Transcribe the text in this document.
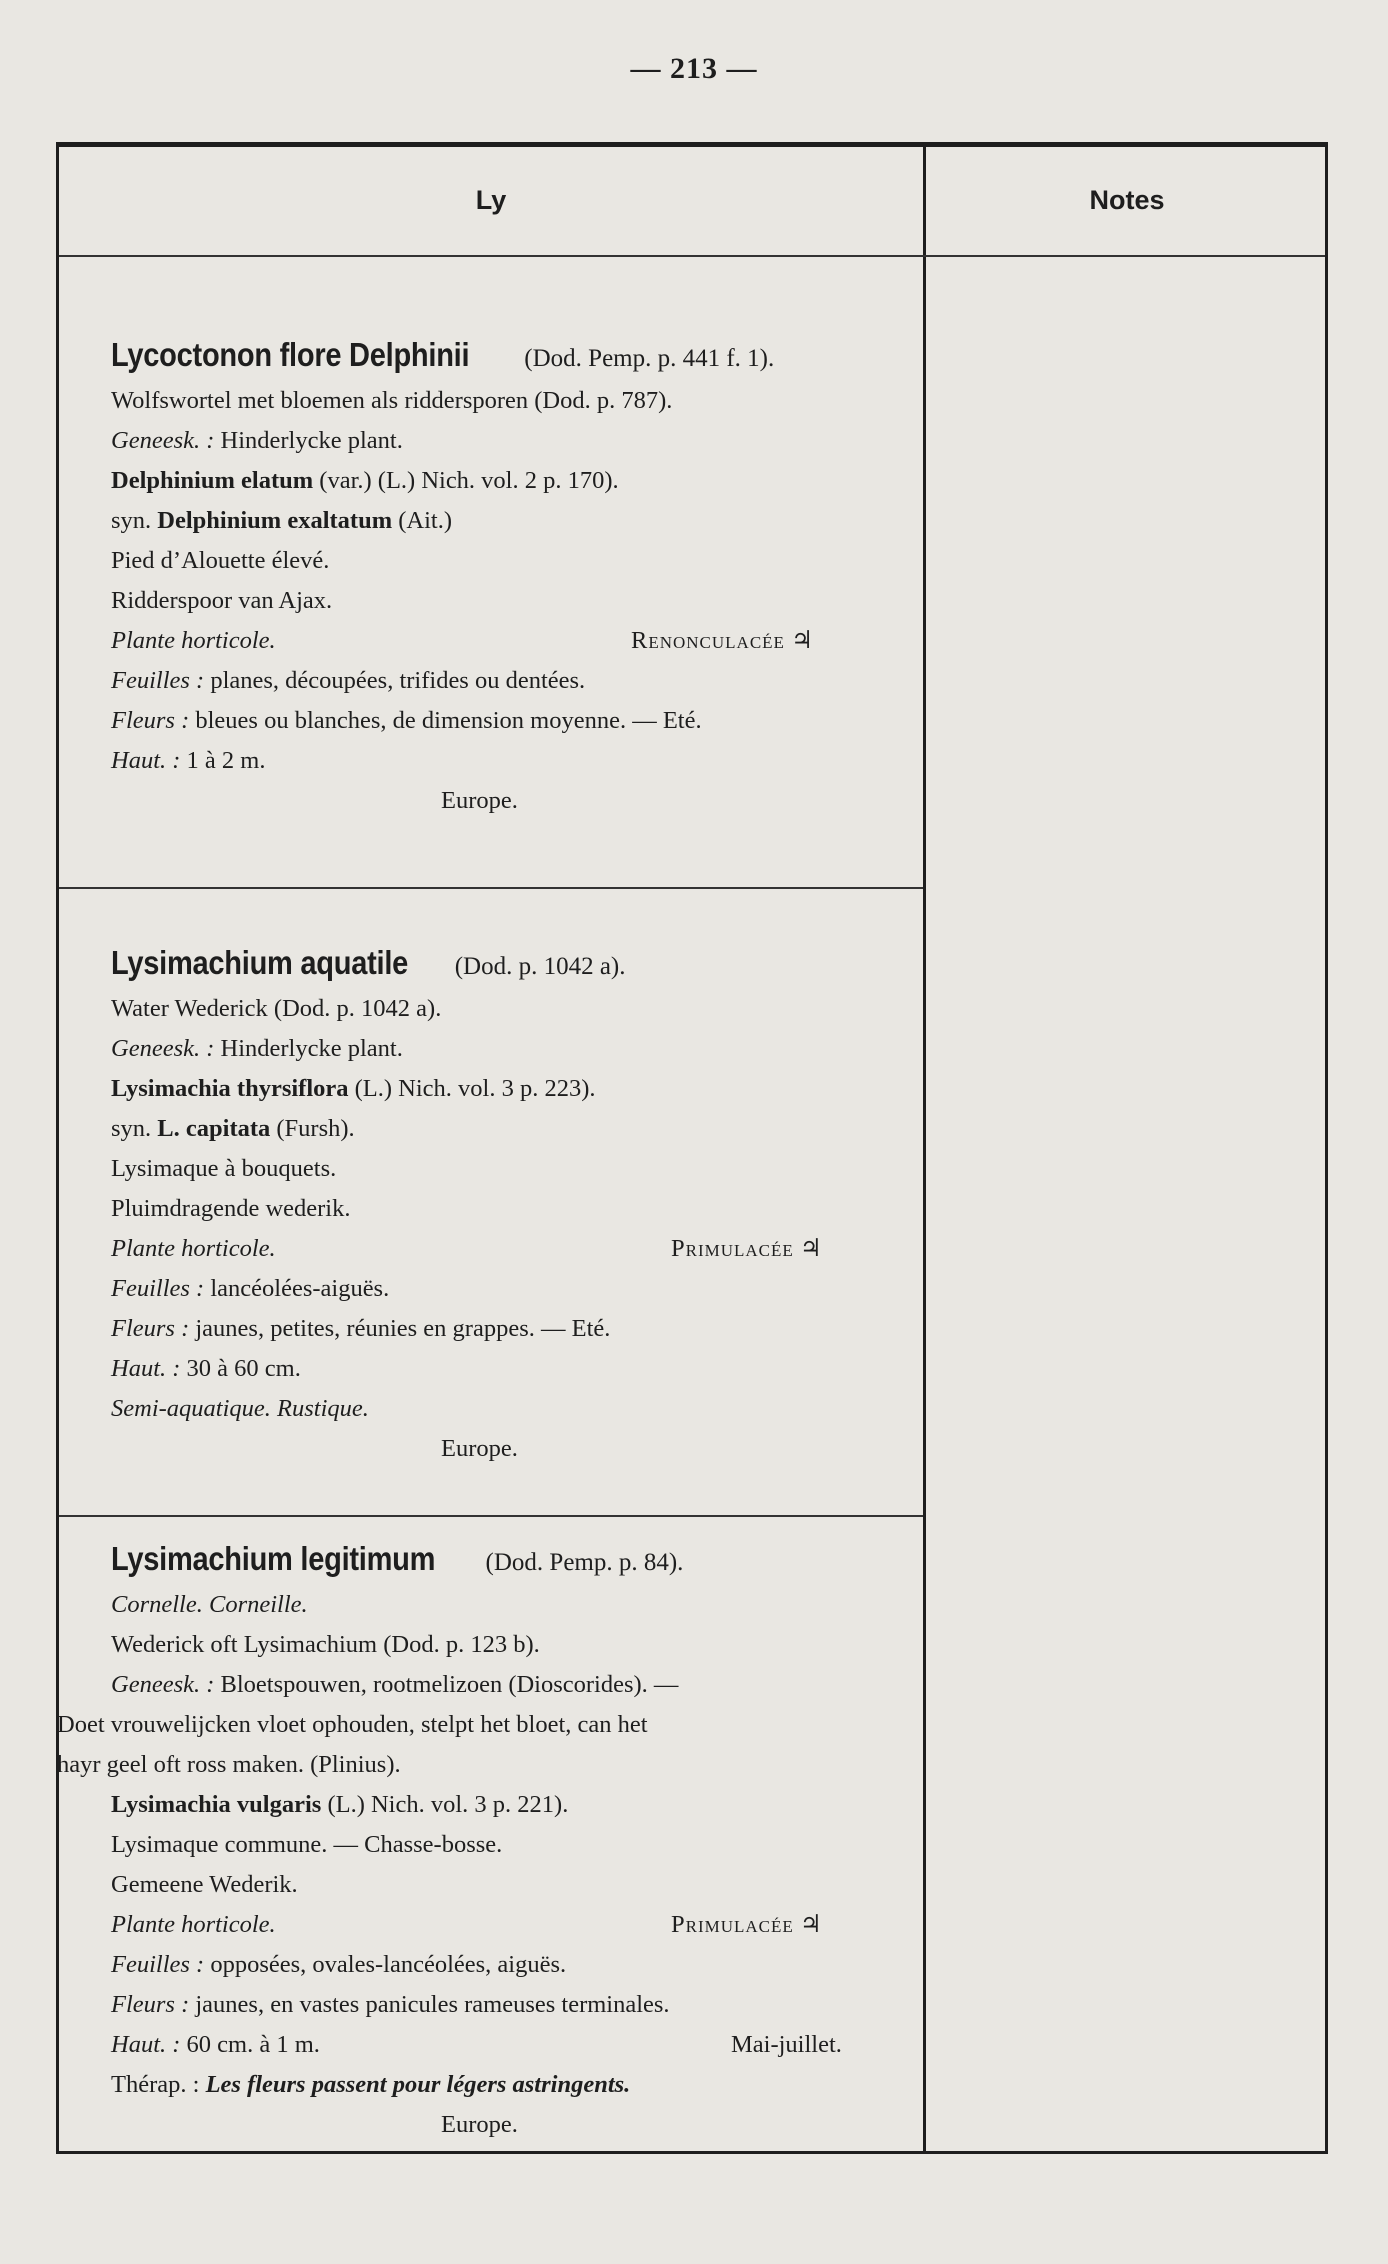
— 213 —
Ly	Notes
Lycoctonon flore Delphinii (Dod. Pemp. p. 441 f. 1).
Wolfswortel met bloemen als riddersporen (Dod. p. 787).
Geneesk. : Hinderlycke plant.
Delphinium elatum (var.) (L.) Nich. vol. 2 p. 170).
syn. Delphinium exaltatum (Ait.)
Pied d’Alouette élevé.
Ridderspoor van Ajax.
Plante horticole.	Renonculacée ♃
Feuilles : planes, découpées, trifides ou dentées.
Fleurs : bleues ou blanches, de dimension moyenne. — Eté.
Haut. : 1 à 2 m.
Europe.
Lysimachium aquatile (Dod. p. 1042 a).
Water Wederick (Dod. p. 1042 a).
Geneesk. : Hinderlycke plant.
Lysimachia thyrsiflora (L.) Nich. vol. 3 p. 223).
syn. L. capitata (Fursh).
Lysimaque à bouquets.
Pluimdragende wederik.
Plante horticole.	Primulacée ♃
Feuilles : lancéolées-aiguës.
Fleurs : jaunes, petites, réunies en grappes. — Eté.
Haut. : 30 à 60 cm.
Semi-aquatique. Rustique.
Europe.
Lysimachium legitimum (Dod. Pemp. p. 84).
Cornelle. Corneille.
Wederick oft Lysimachium (Dod. p. 123 b).
Geneesk. : Bloetspouwen, rootmelizoen (Dioscorides). —
Doet vrouwelijcken vloet ophouden, stelpt het bloet, can het
hayr geel oft ross maken. (Plinius).
Lysimachia vulgaris (L.) Nich. vol. 3 p. 221).
Lysimaque commune. — Chasse-bosse.
Gemeene Wederik.
Plante horticole.	Primulacée ♃
Feuilles : opposées, ovales-lancéolées, aiguës.
Fleurs : jaunes, en vastes panicules rameuses terminales.
Haut. : 60 cm. à 1 m.	Mai-juillet.
Thérap. : Les fleurs passent pour légers astringents.
Europe.
